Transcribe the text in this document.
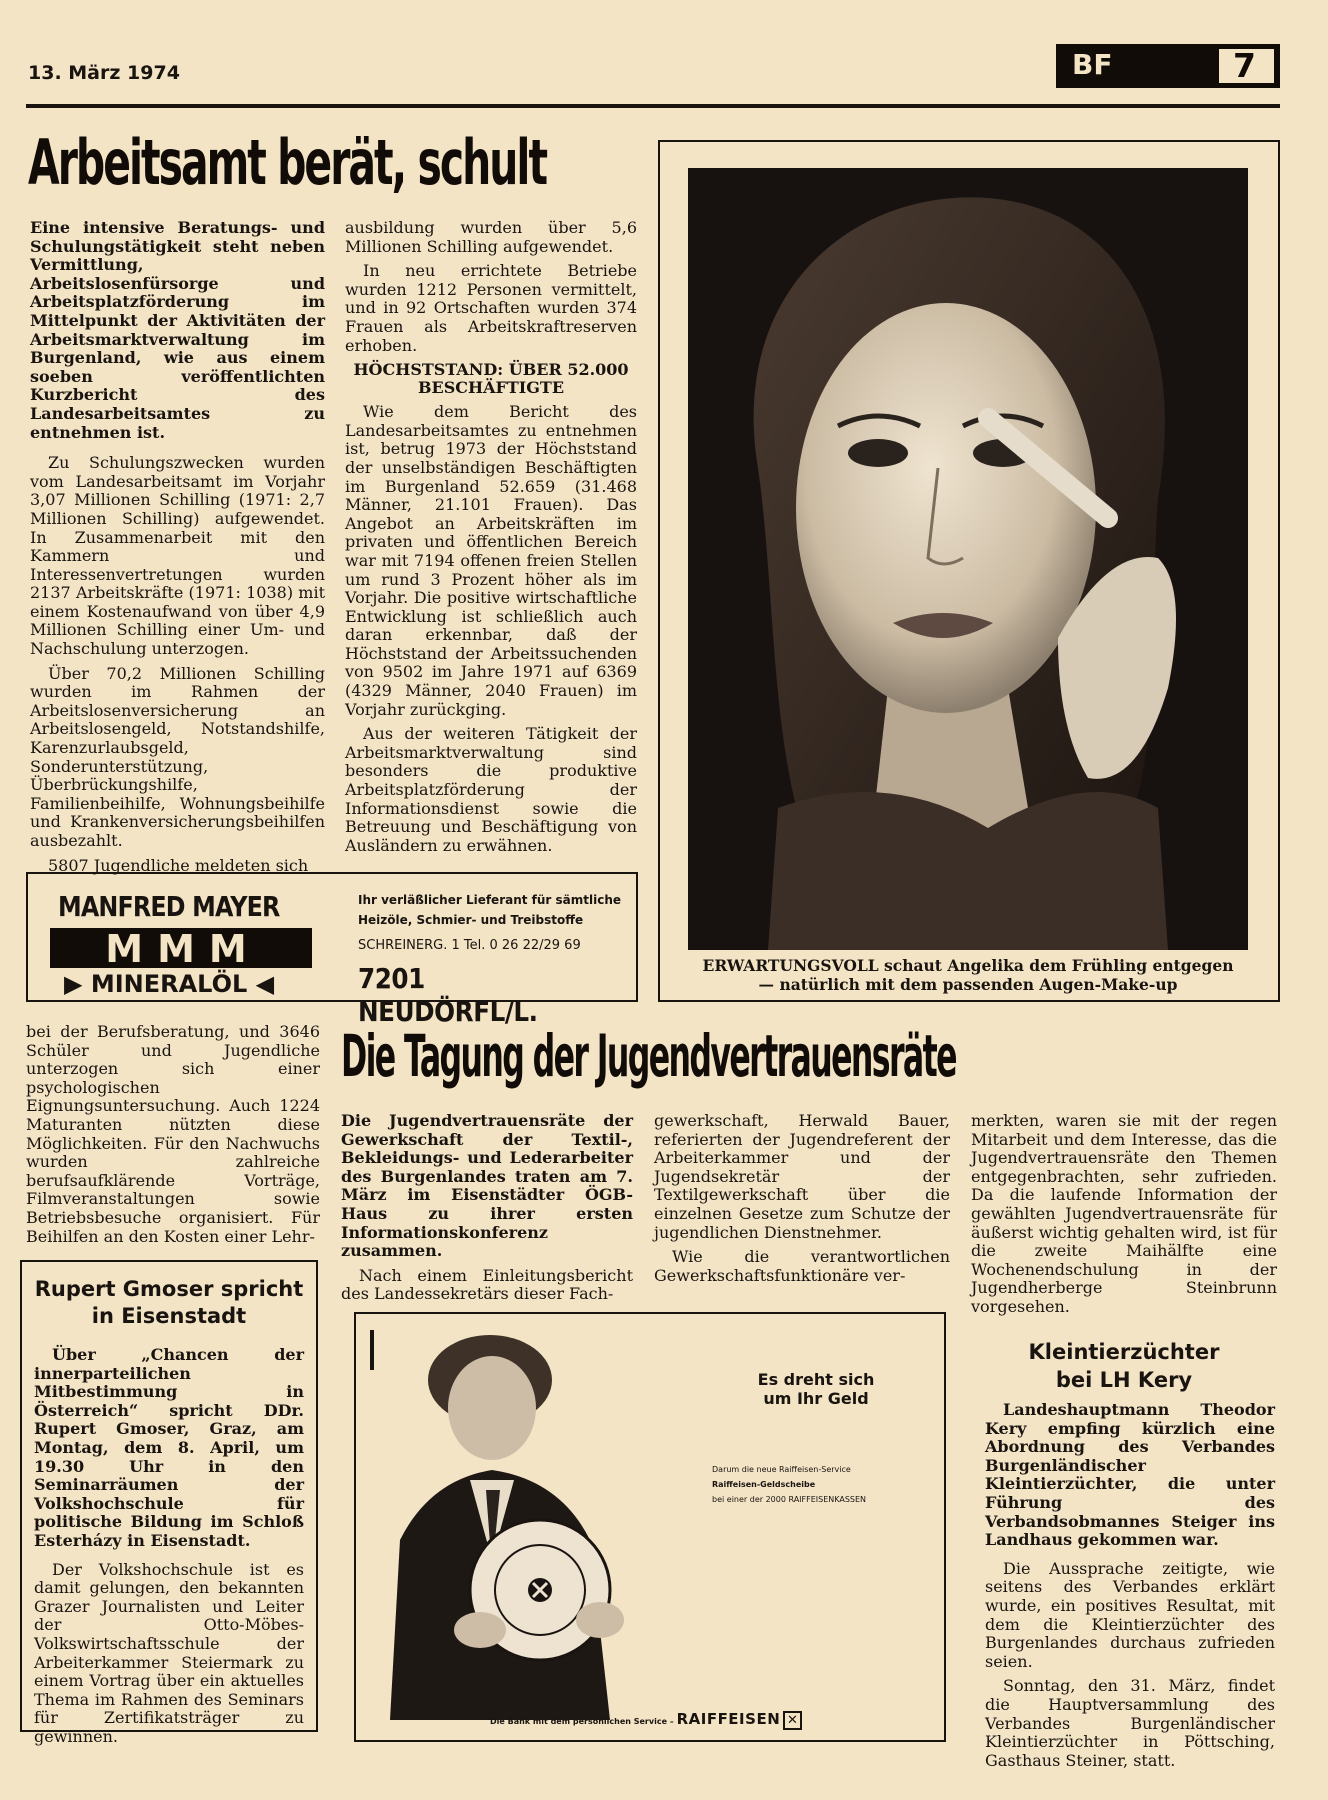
13. März 1974	BF	7
Arbeitsamt berät, schult

Eine intensive Beratungs- und Schulungstätigkeit steht neben Vermittlung, Arbeitslosenfürsorge und Arbeitsplatzförderung im Mittelpunkt der Aktivitäten der Arbeitsmarktverwaltung im Burgenland, wie aus einem soeben veröffentlichten Kurzbericht des Landesarbeitsamtes zu entnehmen ist.

Zu Schulungszwecken wurden vom Landesarbeitsamt im Vorjahr 3,07 Millionen Schilling (1971: 2,7 Millionen Schilling) aufgewendet. In Zusammenarbeit mit den Kammern und Interessenvertretungen wurden 2137 Arbeitskräfte (1971: 1038) mit einem Kostenaufwand von über 4,9 Millionen Schilling einer Um- und Nachschulung unterzogen.

Über 70,2 Millionen Schilling wurden im Rahmen der Arbeitslosenversicherung an Arbeitslosengeld, Notstandshilfe, Karenzurlaubsgeld, Sonderunterstützung, Überbrückungshilfe, Familienbeihilfe, Wohnungsbeihilfe und Krankenversicherungsbeihilfen ausbezahlt.

5807 Jugendliche meldeten sich

ausbildung wurden über 5,6 Millionen Schilling aufgewendet.

In neu errichtete Betriebe wurden 1212 Personen vermittelt, und in 92 Ortschaften wurden 374 Frauen als Arbeitskraftreserven erhoben.

HÖCHSTSTAND: ÜBER 52.000 BESCHÄFTIGTE

Wie dem Bericht des Landesarbeitsamtes zu entnehmen ist, betrug 1973 der Höchststand der unselbständigen Beschäftigten im Burgenland 52.659 (31.468 Männer, 21.101 Frauen). Das Angebot an Arbeitskräften im privaten und öffentlichen Bereich war mit 7194 offenen freien Stellen um rund 3 Prozent höher als im Vorjahr. Die positive wirtschaftliche Entwicklung ist schließlich auch daran erkennbar, daß der Höchststand der Arbeitssuchenden von 9502 im Jahre 1971 auf 6369 (4329 Männer, 2040 Frauen) im Vorjahr zurückging.

Aus der weiteren Tätigkeit der Arbeitsmarktverwaltung sind besonders die produktive Arbeitsplatzförderung der Informationsdienst sowie die Betreuung und Beschäftigung von Ausländern zu erwähnen.

ERWARTUNGSVOLL schaut Angelika dem Frühling entgegen
— natürlich mit dem passenden Augen-Make-up
MANFRED MAYER
MMM
▶ MINERALÖL ◀
Ihr verläßlicher Lieferant für sämtliche
Heizöle, Schmier- und Treibstoffe
SCHREINERG. 1 Tel. 0 26 22/29 69
7201 NEUDÖRFL/L.

bei der Berufsberatung, und 3646 Schüler und Jugendliche unterzogen sich einer psychologischen Eignungsuntersuchung. Auch 1224 Maturanten nützten diese Möglichkeiten. Für den Nachwuchs wurden zahlreiche berufsaufklärende Vorträge, Filmveranstaltungen sowie Betriebsbesuche organisiert. Für Beihilfen an den Kosten einer Lehr-

Die Tagung der Jugendvertrauensräte

Die Jugendvertrauensräte der Gewerkschaft der Textil-, Bekleidungs- und Lederarbeiter des Burgenlandes traten am 7. März im Eisenstädter ÖGB-Haus zu ihrer ersten Informationskonferenz zusammen.

Nach einem Einleitungsbericht des Landessekretärs dieser Fach-

gewerkschaft, Herwald Bauer, referierten der Jugendreferent der Arbeiterkammer und der Jugendsekretär der Textilgewerkschaft über die einzelnen Gesetze zum Schutze der jugendlichen Dienstnehmer.

Wie die verantwortlichen Gewerkschaftsfunktionäre ver-

merkten, waren sie mit der regen Mitarbeit und dem Interesse, das die Jugendvertrauensräte den Themen entgegenbrachten, sehr zufrieden. Da die laufende Information der gewählten Jugendvertrauensräte für äußerst wichtig gehalten wird, ist für die zweite Maihälfte eine Wochenendschulung in der Jugendherberge Steinbrunn vorgesehen.

Rupert Gmoser spricht
in Eisenstadt

Über „Chancen der innerparteilichen Mitbestimmung in Österreich“ spricht DDr. Rupert Gmoser, Graz, am Montag, dem 8. April, um 19.30 Uhr in den Seminarräumen der Volkshochschule für politische Bildung im Schloß Esterházy in Eisenstadt.

Der Volkshochschule ist es damit gelungen, den bekannten Grazer Journalisten und Leiter der Otto-Möbes-Volkswirtschaftsschule der Arbeiterkammer Steiermark zu einem Vortrag über ein aktuelles Thema im Rahmen des Seminars für Zertifikatsträger zu gewinnen.

Es dreht sich
um Ihr Geld
Darum die neue Raiffeisen-Service
Raiffeisen-Geldscheibe
bei einer der 2000 RAIFFEISENKASSEN
Die Bank mit dem persönlichen Service – RAIFFEISEN ✕
Kleintierzüchter
bei LH Kery

Landeshauptmann Theodor Kery empfing kürzlich eine Abordnung des Verbandes Burgenländischer Kleintierzüchter, die unter Führung des Verbandsobmannes Steiger ins Landhaus gekommen war.

Die Aussprache zeitigte, wie seitens des Verbandes erklärt wurde, ein positives Resultat, mit dem die Kleintierzüchter des Burgenlandes durchaus zufrieden seien.

Sonntag, den 31. März, findet die Hauptversammlung des Verbandes Burgenländischer Kleintierzüchter in Pöttsching, Gasthaus Steiner, statt.
